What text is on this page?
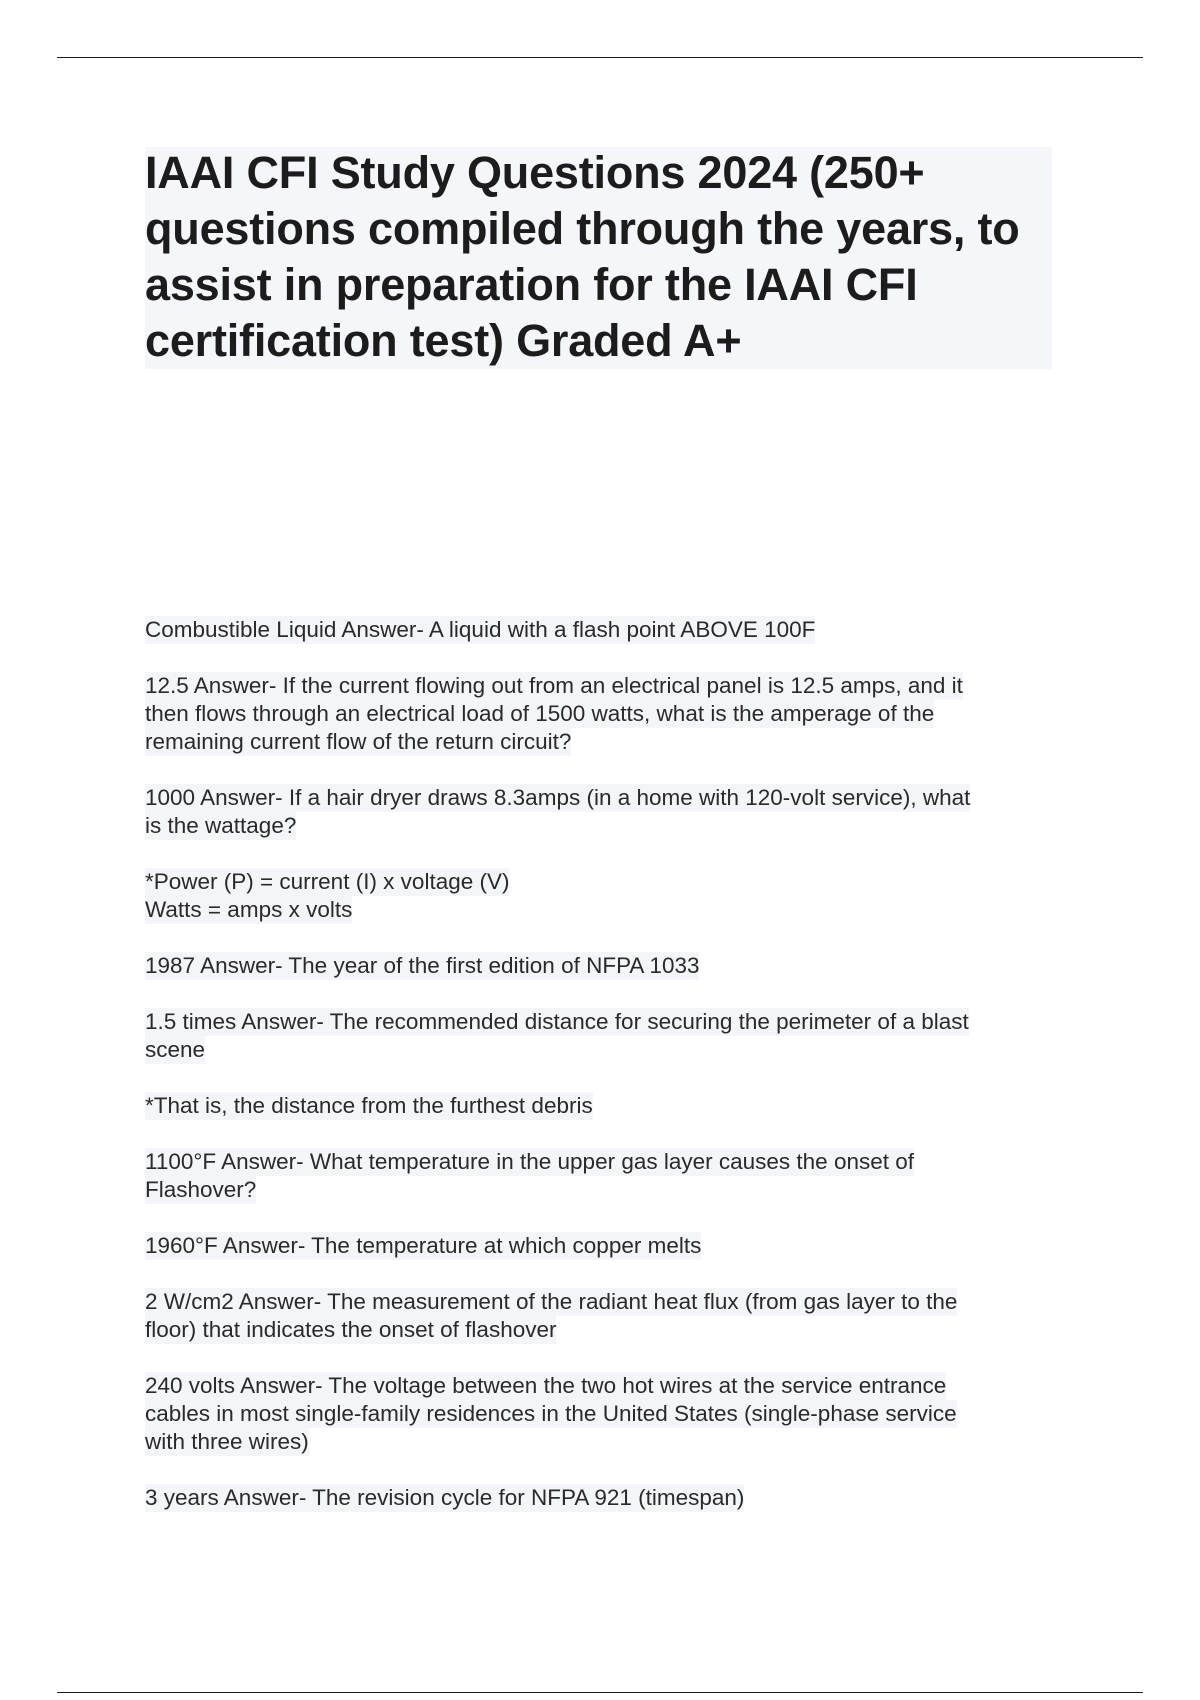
IAAI CFI Study Questions 2024 (250+ questions compiled through the years, to assist in preparation for the IAAI CFI certification test) Graded A+
Combustible Liquid Answer- A liquid with a flash point ABOVE 100F
12.5 Answer- If the current flowing out from an electrical panel is 12.5 amps, and it
then flows through an electrical load of 1500 watts, what is the amperage of the
remaining current flow of the return circuit?
1000 Answer- If a hair dryer draws 8.3amps (in a home with 120-volt service), what
is the wattage?
*Power (P) = current (I) x voltage (V)
Watts = amps x volts
1987 Answer- The year of the first edition of NFPA 1033
1.5 times Answer- The recommended distance for securing the perimeter of a blast
scene
*That is, the distance from the furthest debris
1100°F Answer- What temperature in the upper gas layer causes the onset of
Flashover?
1960°F Answer- The temperature at which copper melts
2 W/cm2 Answer- The measurement of the radiant heat flux (from gas layer to the
floor) that indicates the onset of flashover
240 volts Answer- The voltage between the two hot wires at the service entrance
cables in most single-family residences in the United States (single-phase service
with three wires)
3 years Answer- The revision cycle for NFPA 921 (timespan)
